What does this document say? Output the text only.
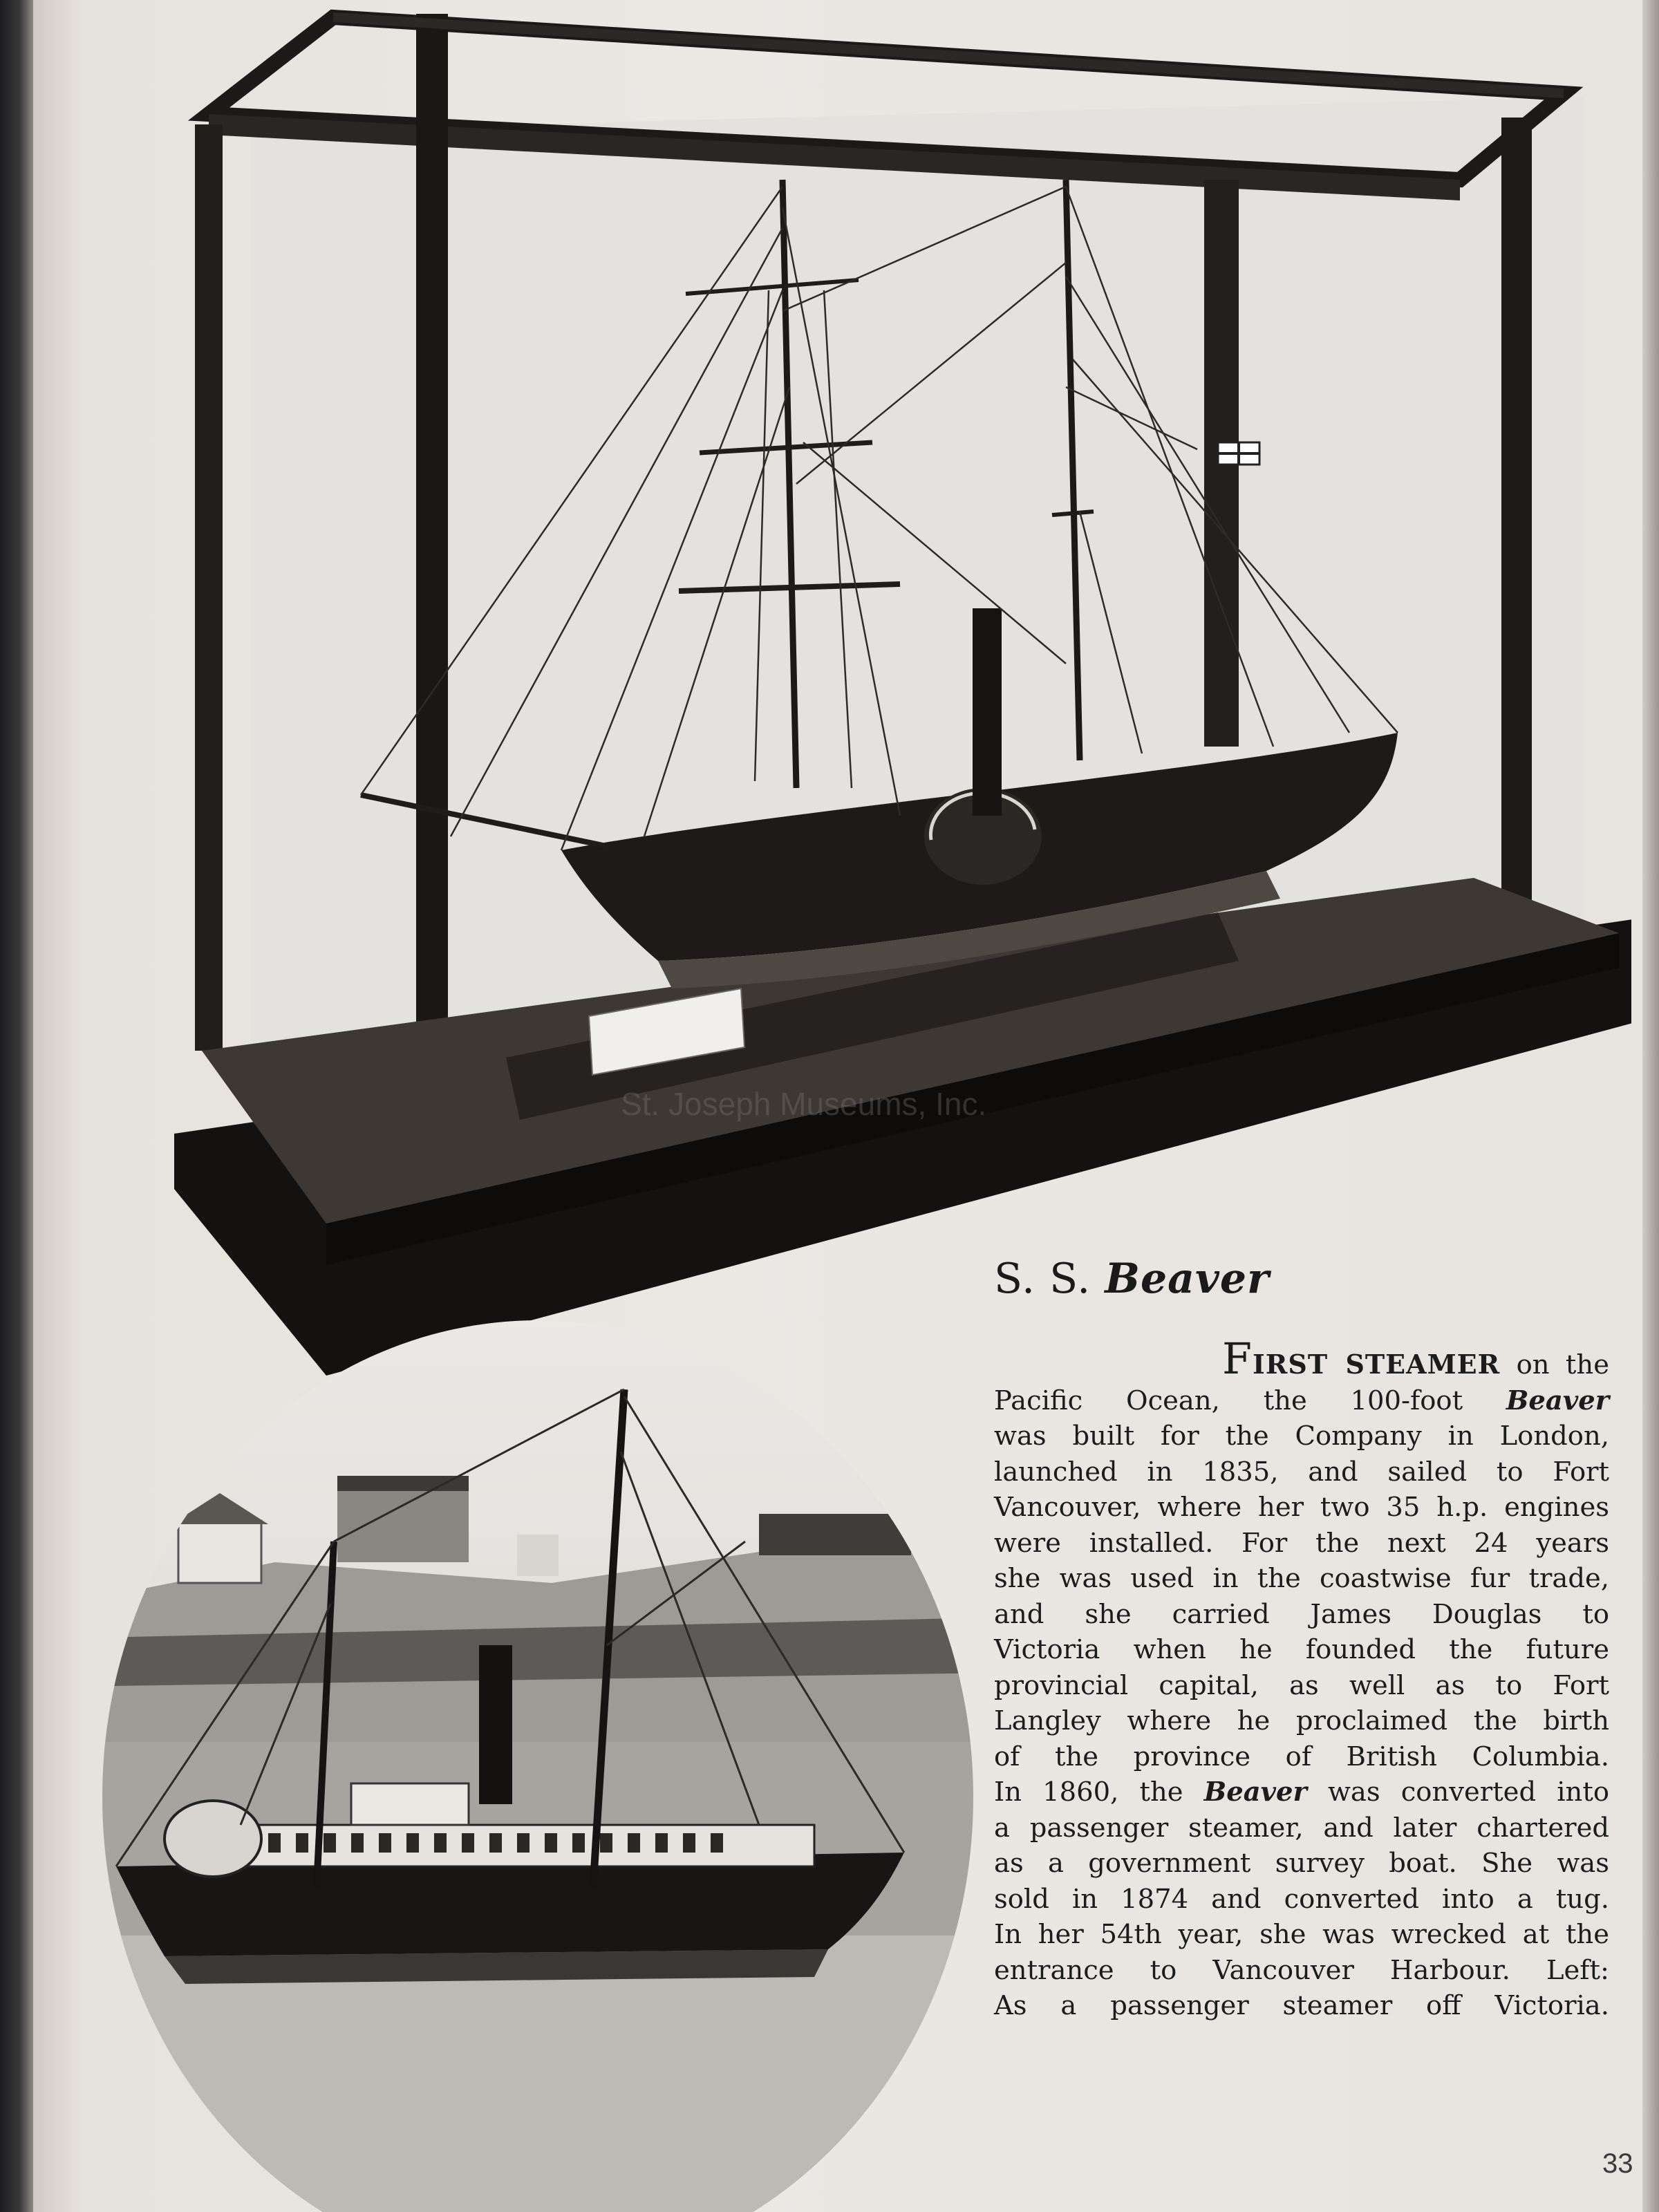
St. Joseph Museums, Inc.
S. S. Beaver
FIRST STEAMER on the
Pacific Ocean, the 100-foot Beaver
was built for the Company in London,
launched in 1835, and sailed to Fort
Vancouver, where her two 35 h.p. engines
were installed. For the next 24 years
she was used in the coastwise fur trade,
and she carried James Douglas to
Victoria when he founded the future
provincial capital, as well as to Fort
Langley where he proclaimed the birth
of the province of British Columbia.
In 1860, the Beaver was converted into
a passenger steamer, and later chartered
as a government survey boat. She was
sold in 1874 and converted into a tug.
In her 54th year, she was wrecked at the
entrance to Vancouver Harbour. Left:
As a passenger steamer off Victoria.
33
